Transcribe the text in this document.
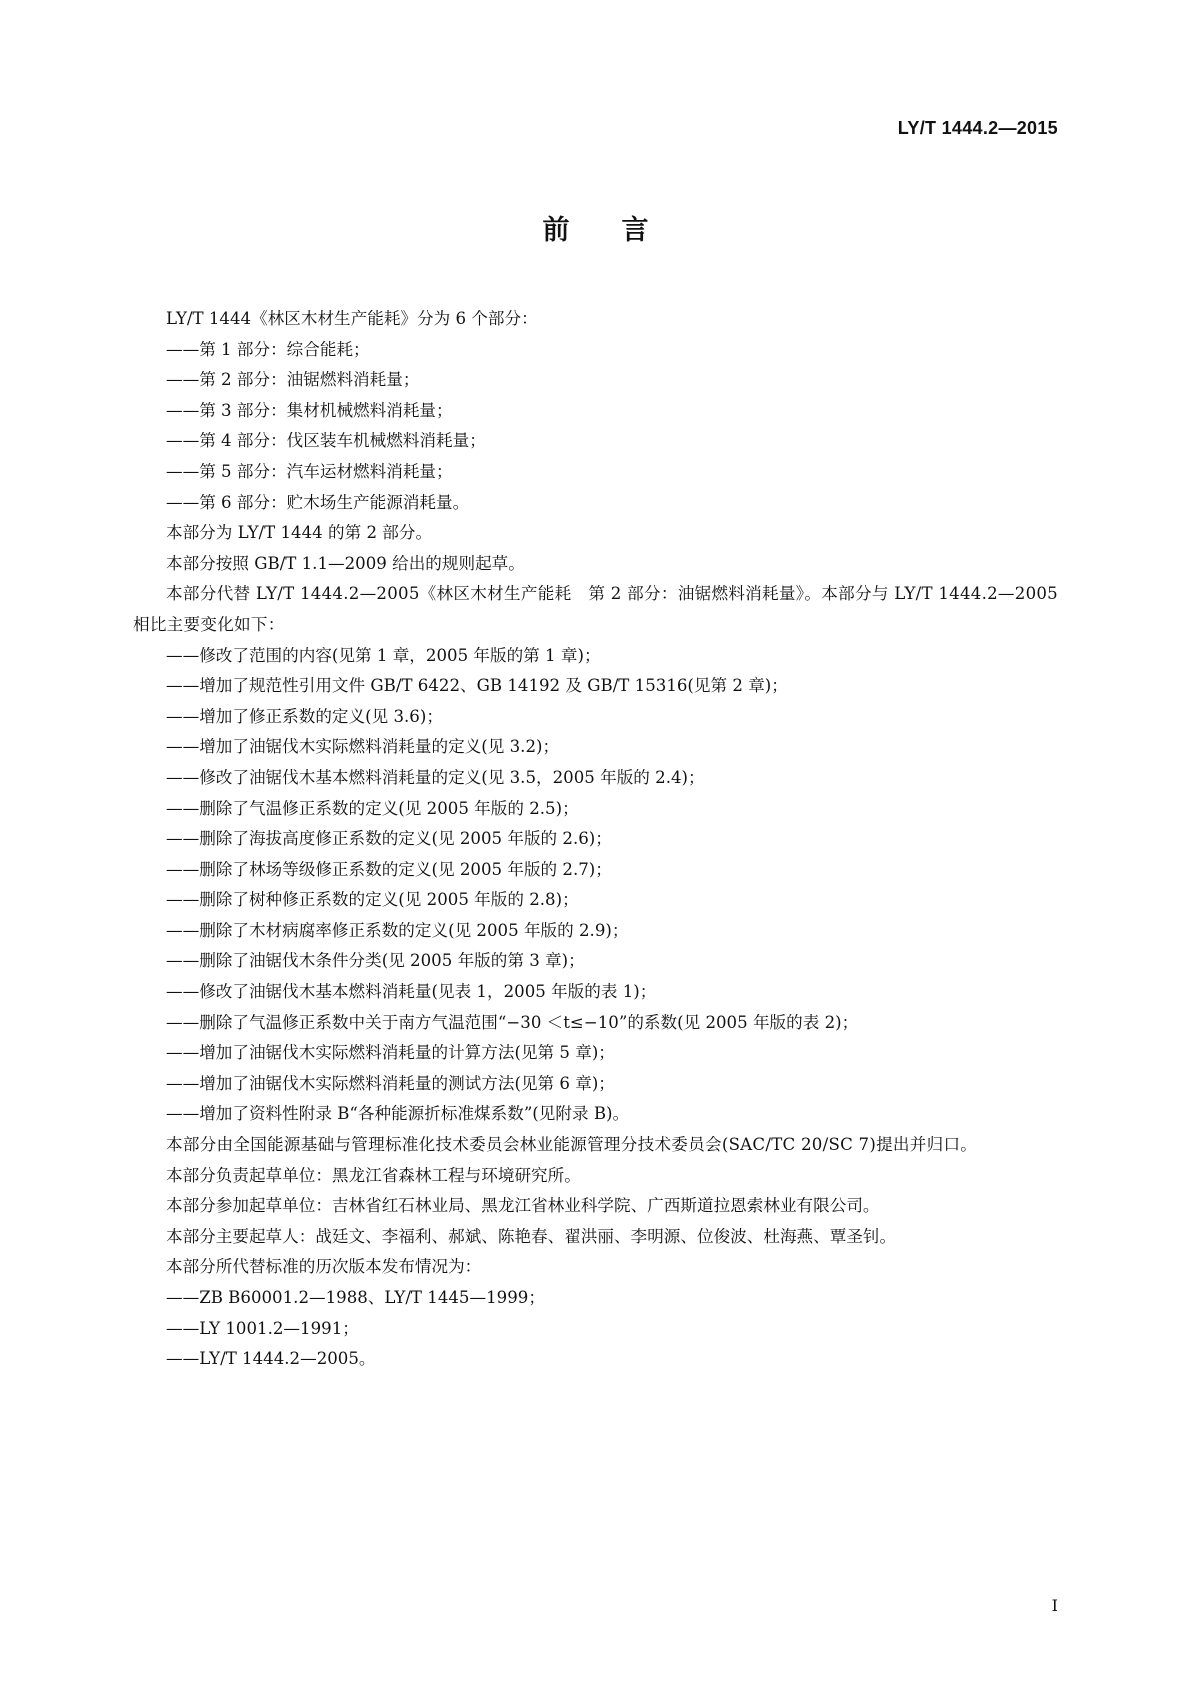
LY/T 1444.2—2015
前言

LY/T 1444《林区木材生产能耗》分为 6 个部分：

——第 1 部分：综合能耗；

——第 2 部分：油锯燃料消耗量；

——第 3 部分：集材机械燃料消耗量；

——第 4 部分：伐区装车机械燃料消耗量；

——第 5 部分：汽车运材燃料消耗量；

——第 6 部分：贮木场生产能源消耗量。

本部分为 LY/T 1444 的第 2 部分。

本部分按照 GB/T 1.1—2009 给出的规则起草。

本部分代替 LY/T 1444.2—2005《林区木材生产能耗　第 2 部分：油锯燃料消耗量》。本部分与 LY/T 1444.2—2005 相比主要变化如下：

——修改了范围的内容(见第 1 章，2005 年版的第 1 章)；

——增加了规范性引用文件 GB/T 6422、GB 14192 及 GB/T 15316(见第 2 章)；

——增加了修正系数的定义(见 3.6)；

——增加了油锯伐木实际燃料消耗量的定义(见 3.2)；

——修改了油锯伐木基本燃料消耗量的定义(见 3.5，2005 年版的 2.4)；

——删除了气温修正系数的定义(见 2005 年版的 2.5)；

——删除了海拔高度修正系数的定义(见 2005 年版的 2.6)；

——删除了林场等级修正系数的定义(见 2005 年版的 2.7)；

——删除了树种修正系数的定义(见 2005 年版的 2.8)；

——删除了木材病腐率修正系数的定义(见 2005 年版的 2.9)；

——删除了油锯伐木条件分类(见 2005 年版的第 3 章)；

——修改了油锯伐木基本燃料消耗量(见表 1，2005 年版的表 1)；

——删除了气温修正系数中关于南方气温范围“−30 ＜t≤−10”的系数(见 2005 年版的表 2)；

——增加了油锯伐木实际燃料消耗量的计算方法(见第 5 章)；

——增加了油锯伐木实际燃料消耗量的测试方法(见第 6 章)；

——增加了资料性附录 B“各种能源折标准煤系数”(见附录 B)。

本部分由全国能源基础与管理标准化技术委员会林业能源管理分技术委员会(SAC/TC 20/SC 7)提出并归口。

本部分负责起草单位：黑龙江省森林工程与环境研究所。

本部分参加起草单位：吉林省红石林业局、黑龙江省林业科学院、广西斯道拉恩索林业有限公司。

本部分主要起草人：战廷文、李福利、郝斌、陈艳春、翟洪丽、李明源、位俊波、杜海燕、覃圣钊。

本部分所代替标准的历次版本发布情况为：

——ZB B60001.2—1988、LY/T 1445—1999；

——LY 1001.2—1991；

——LY/T 1444.2—2005。

I
